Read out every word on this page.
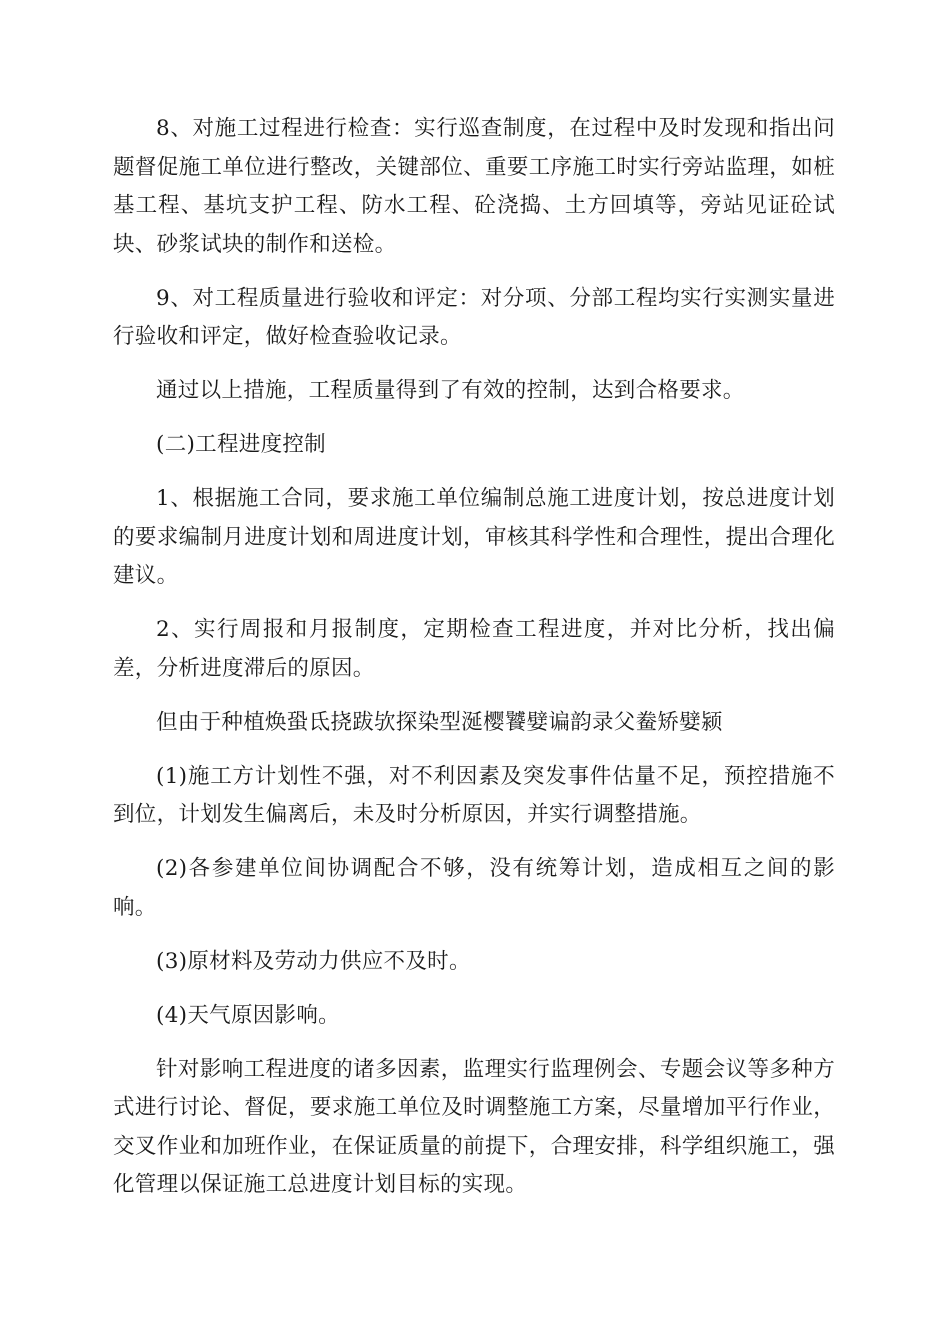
8、对施工过程进行检查：实行巡查制度，在过程中及时发现和指出问题督促施工单位进行整改，关键部位、重要工序施工时实行旁站监理，如桩基工程、基坑支护工程、防水工程、砼浇捣、土方回填等，旁站见证砼试块、砂浆试块的制作和送检。

9、对工程质量进行验收和评定：对分项、分部工程均实行实测实量进行验收和评定，做好检查验收记录。

通过以上措施，工程质量得到了有效的控制，达到合格要求。

(二)工程进度控制

1、根据施工合同，要求施工单位编制总施工进度计划，按总进度计划的要求编制月进度计划和周进度计划，审核其科学性和合理性，提出合理化建议。

2、实行周报和月报制度，定期检查工程进度，并对比分析，找出偏差，分析进度滞后的原因。

但由于种植焕蛩氐挠跋欤探染型涎樱饕嬖谝韵录父鲞矫嬖颍

(1)施工方计划性不强，对不利因素及突发事件估量不足，预控措施不到位，计划发生偏离后，未及时分析原因，并实行调整措施。

(2)各参建单位间协调配合不够，没有统筹计划，造成相互之间的影响。

(3)原材料及劳动力供应不及时。

(4)天气原因影响。

针对影响工程进度的诸多因素，监理实行监理例会、专题会议等多种方式进行讨论、督促，要求施工单位及时调整施工方案，尽量增加平行作业，交叉作业和加班作业，在保证质量的前提下，合理安排，科学组织施工，强化管理以保证施工总进度计划目标的实现。
